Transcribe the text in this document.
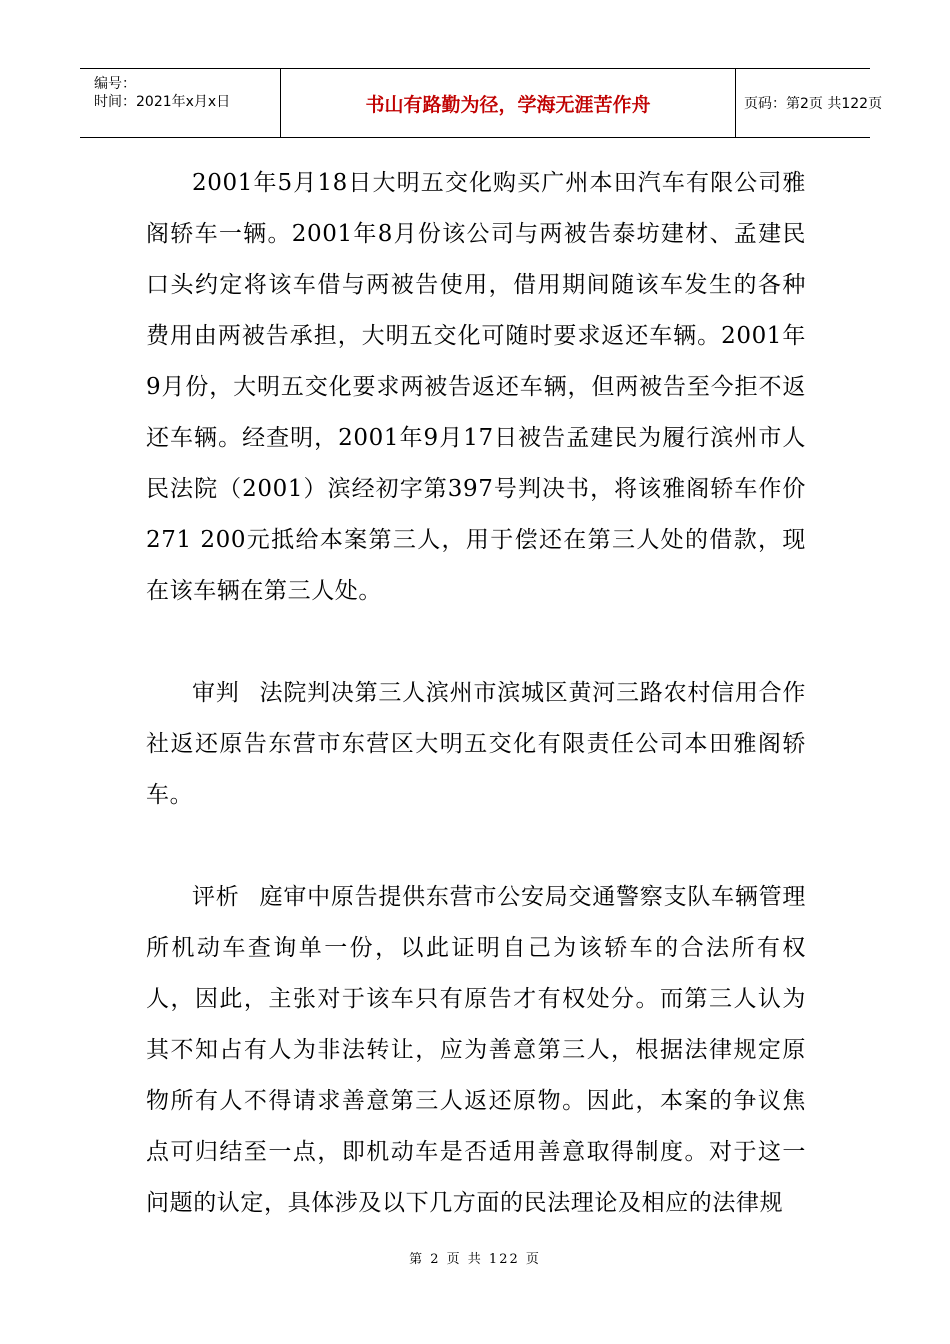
编号：
时间：2021年x月x日	书山有路勤为径，学海无涯苦作舟	页码：第2页 共122页

2001年5月18日大明五交化购买广州本田汽车有限公司雅阁轿车一辆。2001年8月份该公司与两被告泰坊建材、孟建民口头约定将该车借与两被告使用，借用期间随该车发生的各种费用由两被告承担，大明五交化可随时要求返还车辆。2001年9月份，大明五交化要求两被告返还车辆，但两被告至今拒不返还车辆。经查明，2001年9月17日被告孟建民为履行滨州市人民法院（2001）滨经初字第397号判决书，将该雅阁轿车作价271 200元抵给本案第三人，用于偿还在第三人处的借款，现在该车辆在第三人处。

审判 法院判决第三人滨州市滨城区黄河三路农村信用合作社返还原告东营市东营区大明五交化有限责任公司本田雅阁轿车。

评析 庭审中原告提供东营市公安局交通警察支队车辆管理所机动车查询单一份，以此证明自己为该轿车的合法所有权人，因此，主张对于该车只有原告才有权处分。而第三人认为其不知占有人为非法转让，应为善意第三人，根据法律规定原物所有人不得请求善意第三人返还原物。因此，本案的争议焦点可归结至一点，即机动车是否适用善意取得制度。对于这一问题的认定，具体涉及以下几方面的民法理论及相应的法律规

第 2 页 共 122 页
